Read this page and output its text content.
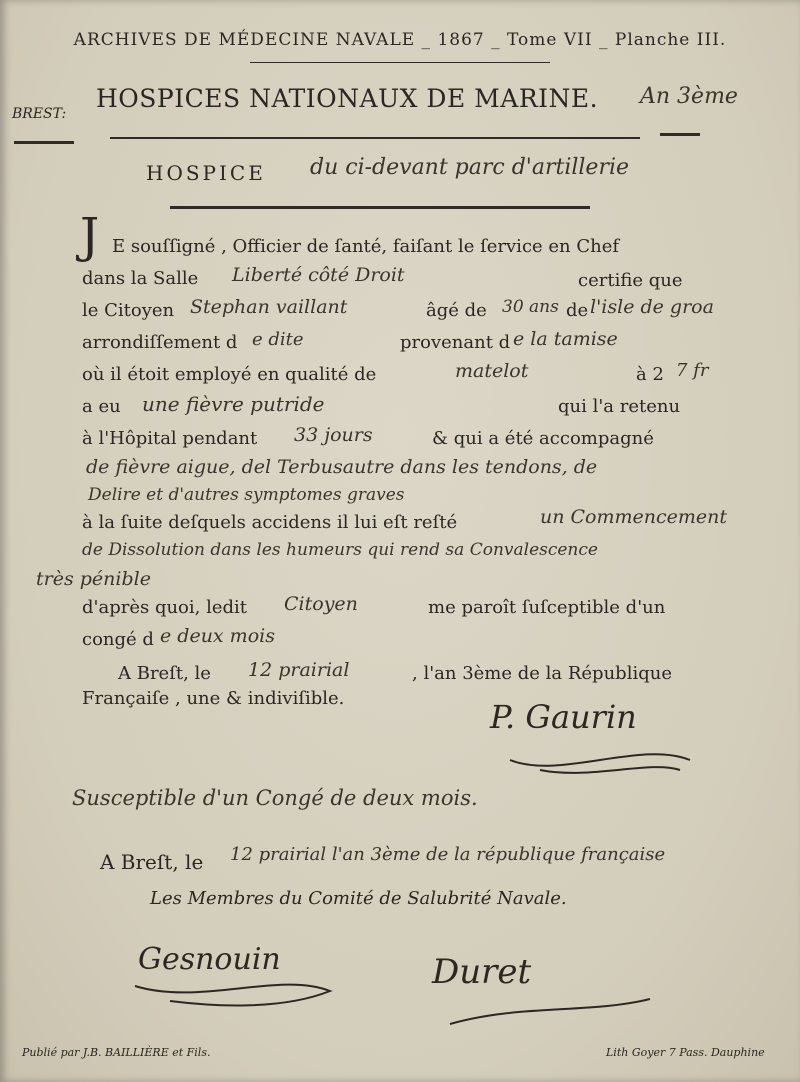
ARCHIVES DE MÉDECINE NAVALE _ 1867 _ Tome VII _ Planche III.
BREST:
HOSPICES NATIONAUX DE MARINE. An 3ème
HOSPICE du ci-devant parc d'artillerie
J E souſſigné , Officier de ſanté, faiſant le ſervice en Chef
dans la Salle Liberté côté Droit	certifie que
le Citoyen Stephan vaillant	âgé de 30 ans de l'isle de groa
arrondiſſement d e dite	provenant d e la tamise
où il étoit employé en qualité de	matelot	à 2 7 fr
a eu une fièvre putride	qui l'a retenu
à l'Hôpital pendant 33 jours	& qui a été accompagné
de fièvre aigue, del Terbusautre dans les tendons, de
Delire et d'autres symptomes graves
à la ſuite deſquels accidens il lui eſt reſté	un Commencement
de Dissolution dans les humeurs qui rend sa Convalescence
très pénible
d'après quoi, ledit Citoyen	me paroît ſuſceptible d'un
congé d e deux mois
A Breſt, le 12 prairial	, l'an 3ème de la République
Françaiſe , une & indiviſible.	P. Gaurin
Susceptible d'un Congé de deux mois.
A Breſt, le 12 prairial l'an 3ème de la république française
Les Membres du Comité de Salubrité Navale.
Gesnouin	Duret
Publié par J.B. BAILLIÈRE et Fils.	Lith Goyer 7 Pass. Dauphine
